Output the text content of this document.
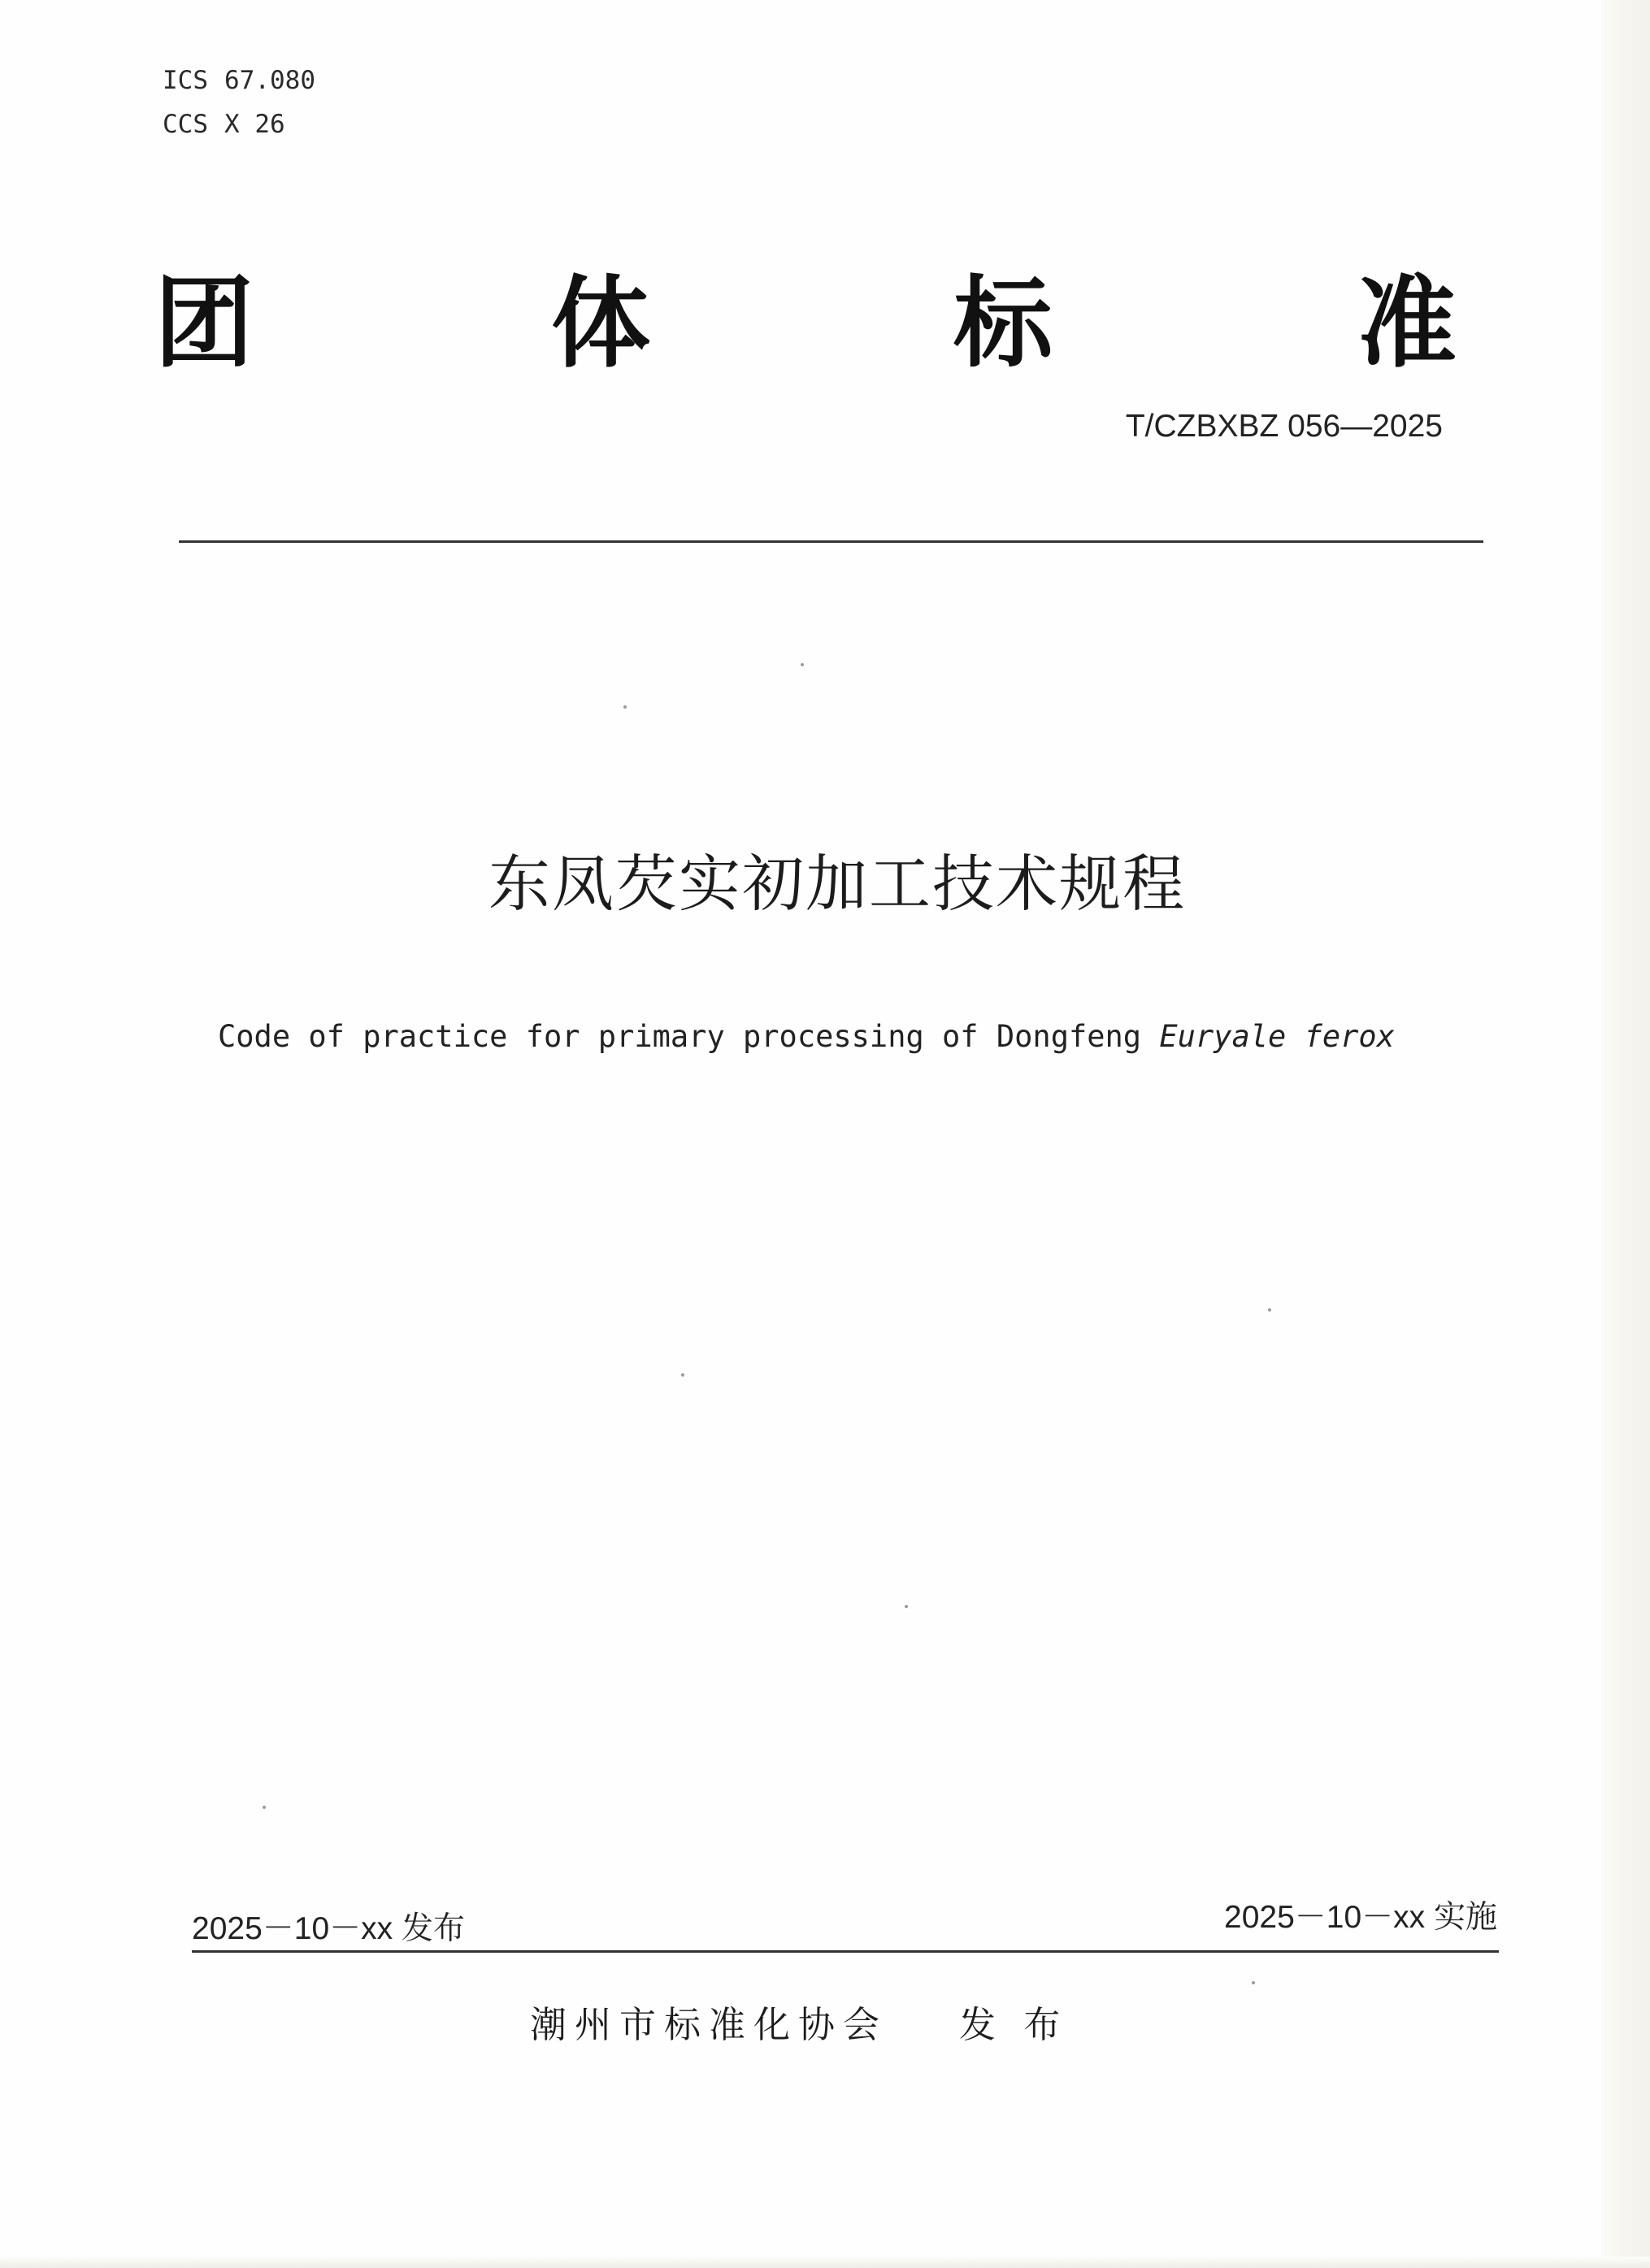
ICS 67.080
CCS X 26
团	体	标	准
T/CZBXBZ 056—2025
东凤芡实初加工技术规程
Code of practice for primary processing of Dongfeng Euryale ferox
2025－10－xx 发布	2025－10－xx 实施
潮州市标准化协会 发 布
